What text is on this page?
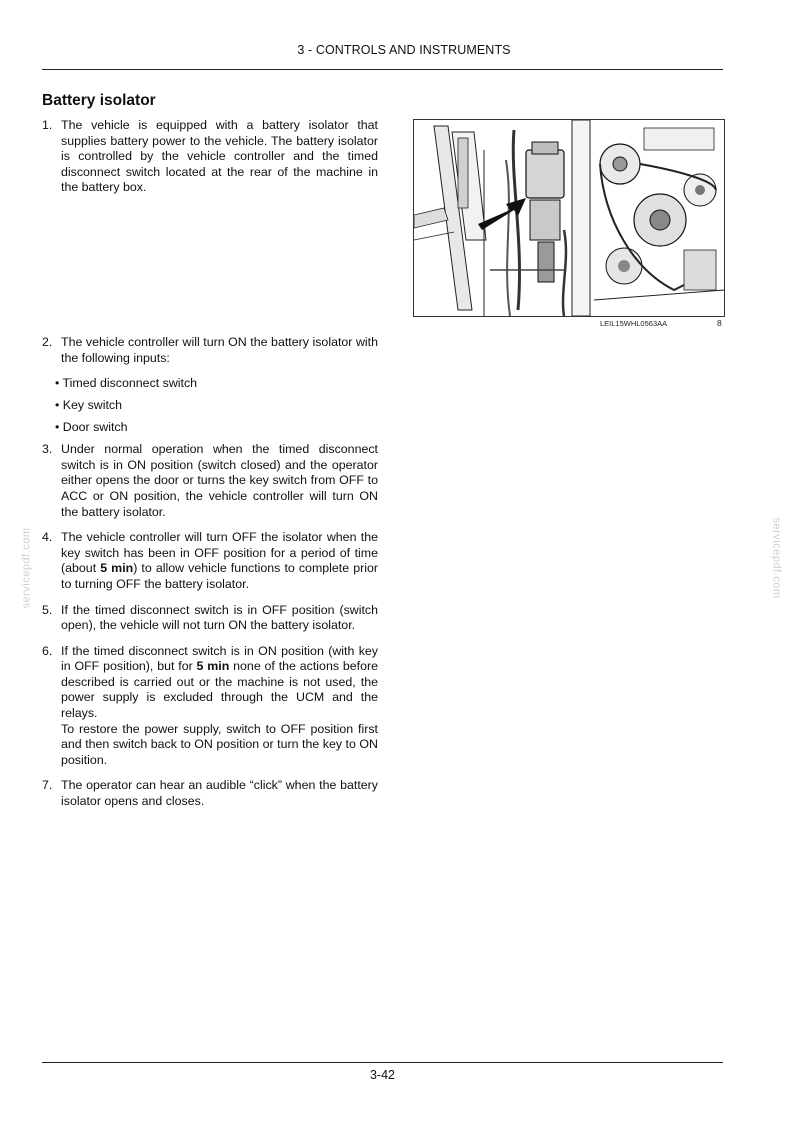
3 - CONTROLS AND INSTRUMENTS
Battery isolator
1. The vehicle is equipped with a battery isolator that supplies battery power to the vehicle. The battery isolator is controlled by the vehicle controller and the timed disconnect switch located at the rear of the machine in the battery box.

2. The vehicle controller will turn ON the battery isolator with the following inputs:

• Timed disconnect switch

• Key switch

• Door switch

3. Under normal operation when the timed disconnect switch is in ON position (switch closed) and the operator either opens the door or turns the key switch from OFF to ACC or ON position, the vehicle controller will turn ON the battery isolator.

4. The vehicle controller will turn OFF the isolator when the key switch has been in OFF position for a period of time (about 5 min) to allow vehicle functions to complete prior to turning OFF the battery isolator.

5. If the timed disconnect switch is in OFF position (switch open), the vehicle will not turn ON the battery isolator.

6. If the timed disconnect switch is in ON position (with key in OFF position), but for 5 min none of the actions before described is carried out or the machine is not used, the power supply is excluded through the UCM and the relays.

To restore the power supply, switch to OFF position first and then switch back to ON position or turn the key to ON position.

7. The operator can hear an audible “click” when the battery isolator opens and closes.

LEIL15WHL0563AA	8
servicepdf.com	servicepdf.com
3-42
